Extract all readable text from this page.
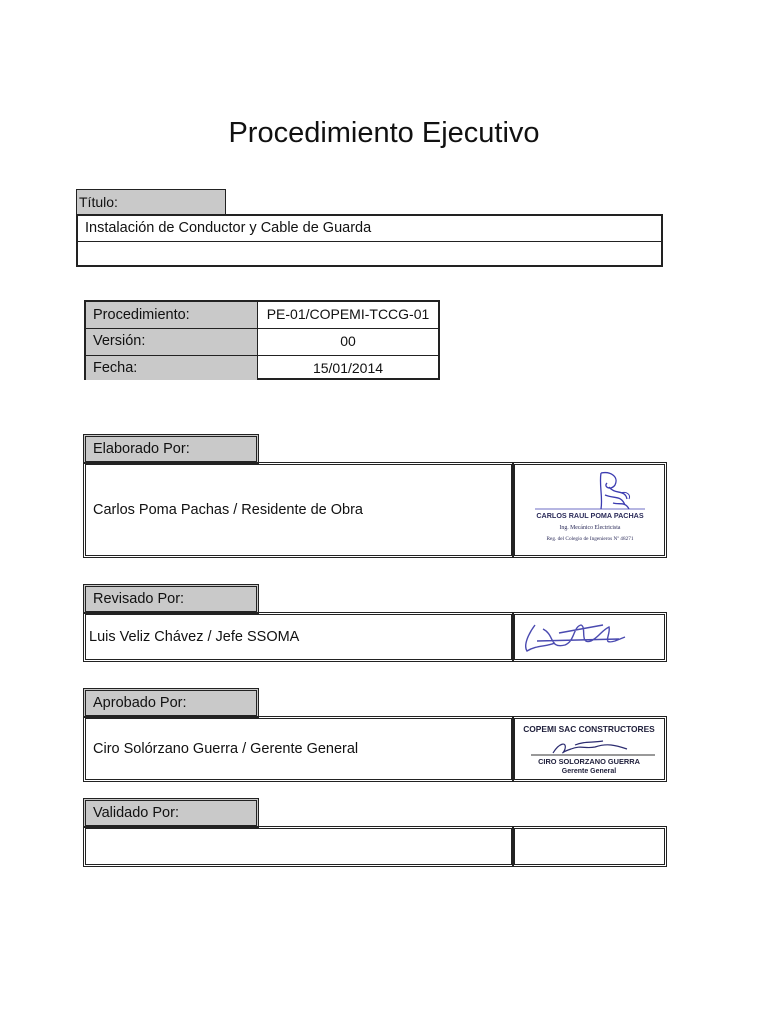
Procedimiento Ejecutivo
Título:
Instalación de Conductor y Cable de Guarda
Procedimiento:	PE-01/COPEMI-TCCG-01
Versión:	00
Fecha:	15/01/2014
Elaborado Por:
Carlos Poma Pachas / Residente de Obra	CARLOS RAUL POMA PACHAS
Ing. Mecánico Electricista
Reg. del Colegio de Ingenieros Nº 48271
Revisado Por:
Luis Veliz Chávez / Jefe SSOMA
Aprobado Por:
Ciro Solórzano Guerra / Gerente General
COPEMI SAC CONSTRUCTORES
CIRO SOLORZANO GUERRA
Gerente General
Validado Por:
